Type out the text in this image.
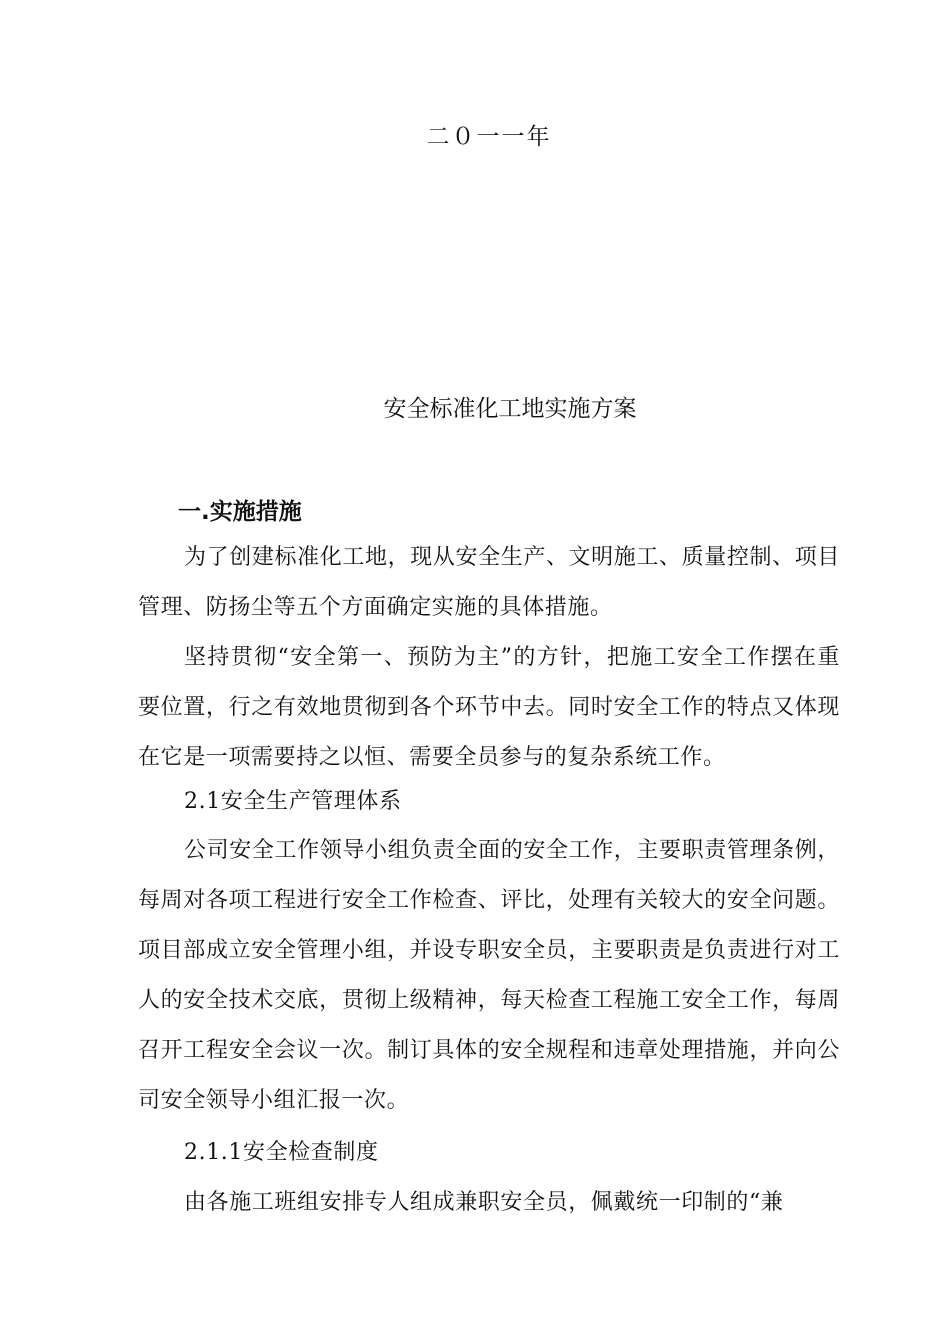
二０一一年
安全标准化工地实施方案
一.实施措施
为了创建标准化工地，现从安全生产、文明施工、质量控制、项目管理、防扬尘等五个方面确定实施的具体措施。
坚持贯彻“安全第一、预防为主”的方针，把施工安全工作摆在重要位置，行之有效地贯彻到各个环节中去。同时安全工作的特点又体现在它是一项需要持之以恒、需要全员参与的复杂系统工作。
2.1安全生产管理体系
公司安全工作领导小组负责全面的安全工作，主要职责管理条例，每周对各项工程进行安全工作检查、评比，处理有关较大的安全问题。项目部成立安全管理小组，并设专职安全员，主要职责是负责进行对工人的安全技术交底，贯彻上级精神，每天检查工程施工安全工作，每周召开工程安全会议一次。制订具体的安全规程和违章处理措施，并向公司安全领导小组汇报一次。
2.1.1安全检查制度
由各施工班组安排专人组成兼职安全员，佩戴统一印制的“兼
